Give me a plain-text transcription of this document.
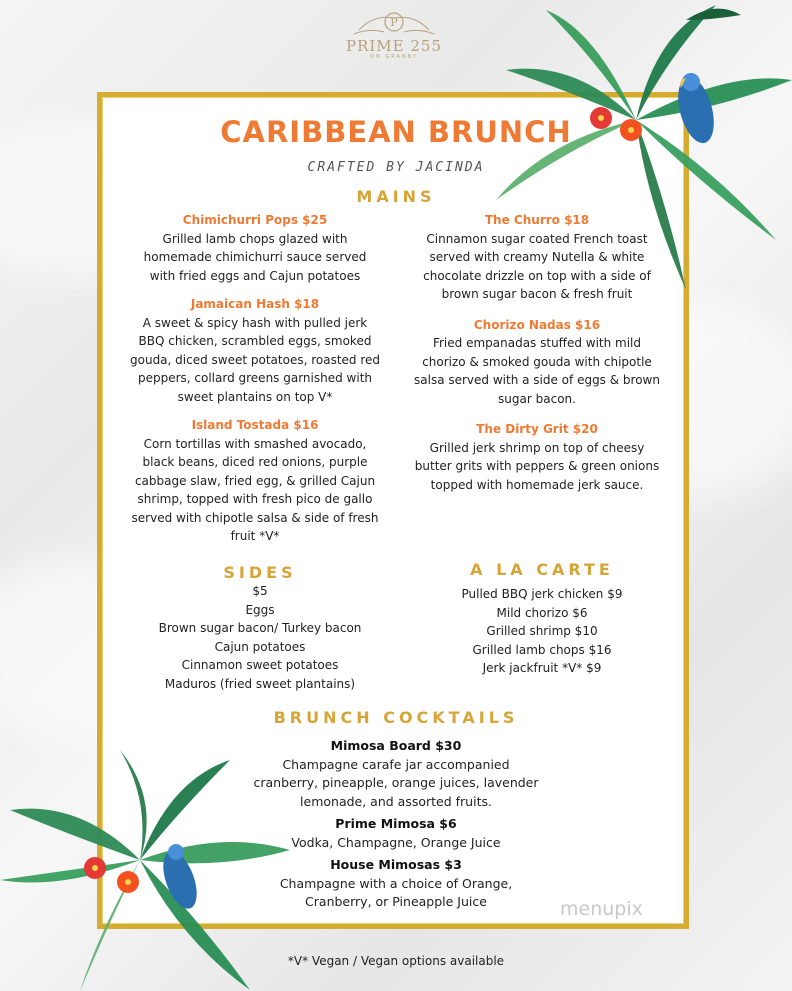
P
PRIME 255
ON GRANBY
CARIBBEAN BRUNCH
CRAFTED BY JACINDA
MAINS
Chimichurri Pops $25
Grilled lamb chops glazed with homemade chimichurri sauce served with fried eggs and Cajun potatoes
Jamaican Hash $18
A sweet & spicy hash with pulled jerk BBQ chicken, scrambled eggs, smoked gouda, diced sweet potatoes, roasted red peppers, collard greens garnished with sweet plantains on top V*
Island Tostada $16
Corn tortillas with smashed avocado, black beans, diced red onions, purple cabbage slaw, fried egg, & grilled Cajun shrimp, topped with fresh pico de gallo served with chipotle salsa & side of fresh fruit *V*
The Churro $18
Cinnamon sugar coated French toast served with creamy Nutella & white chocolate drizzle on top with a side of brown sugar bacon & fresh fruit
Chorizo Nadas $16
Fried empanadas stuffed with mild chorizo & smoked gouda with chipotle salsa served with a side of eggs & brown sugar bacon.
The Dirty Grit $20
Grilled jerk shrimp on top of cheesy butter grits with peppers & green onions topped with homemade jerk sauce.
SIDES
$5
Eggs
Brown sugar bacon/ Turkey bacon
Cajun potatoes
Cinnamon sweet potatoes
Maduros (fried sweet plantains)
A LA CARTE
Pulled BBQ jerk chicken $9
Mild chorizo $6
Grilled shrimp $10
Grilled lamb chops $16
Jerk jackfruit *V* $9
BRUNCH COCKTAILS
Mimosa Board $30
Champagne carafe jar accompanied cranberry, pineapple, orange juices, lavender lemonade, and assorted fruits.
Prime Mimosa $6
Vodka, Champagne, Orange Juice
House Mimosas $3
Champagne with a choice of Orange, Cranberry, or Pineapple Juice
*V* Vegan / Vegan options available
menupix
